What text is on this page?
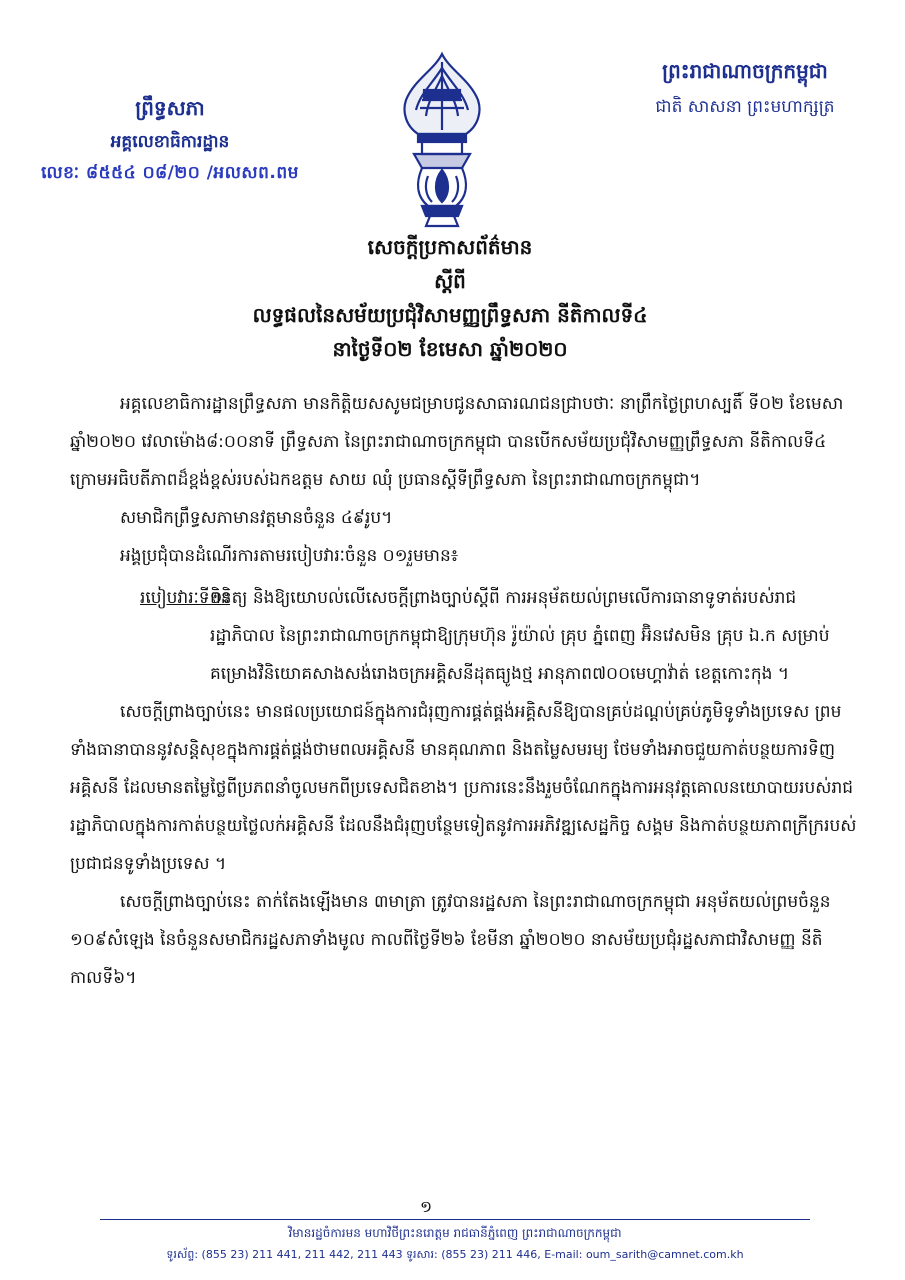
ព្រឹទ្ធសភា
អគ្គលេខាធិការដ្ឋាន
លេខៈ ៨៥៥៤ ០៨/២០ /អលសព.ពម
ព្រះរាជាណាចក្រកម្ពុជា
ជាតិ សាសនា ព្រះមហាក្សត្រ
សេចក្តីប្រកាសព័ត៌មាន
ស្តីពី
លទ្ធផលនៃសម័យប្រជុំវិសាមញ្ញព្រឹទ្ធសភា នីតិកាលទី៤
នាថ្ងៃទី០២ ខែមេសា ឆ្នាំ២០២០

អគ្គលេខាធិការដ្ឋានព្រឹទ្ធសភា មានកិត្តិយសសូមជម្រាបជូនសាធារណជនជ្រាបថាៈ នាព្រឹកថ្ងៃព្រហស្បតិ៍ ទី០២ ខែមេសា ឆ្នាំ២០២០ វេលាម៉ោង៨:០០នាទី ព្រឹទ្ធសភា នៃព្រះរាជាណាចក្រកម្ពុជា បានបើកសម័យប្រជុំវិសាមញ្ញព្រឹទ្ធសភា នីតិកាលទី៤ ក្រោមអធិបតីភាពដ៏ខ្ពង់ខ្ពស់របស់ឯកឧត្តម សាយ ឈុំ ប្រធានស្តីទីព្រឹទ្ធសភា នៃព្រះរាជាណាចក្រកម្ពុជា។

សមាជិកព្រឹទ្ធសភាមានវត្តមានចំនួន ៤៩រូប។

អង្គប្រជុំបានដំណើរការតាមរបៀបវារៈចំនួន ០១រួមមាន៖

របៀបវារៈទី១៖
ពិនិត្យ និងឱ្យយោបល់លើសេចក្តីព្រាងច្បាប់ស្តីពី ការអនុម័តយល់ព្រមលើការធានាទូទាត់របស់រាជរដ្ឋាភិបាល នៃព្រះរាជាណាចក្រកម្ពុជាឱ្យក្រុមហ៊ុន រ៉ូយ៉ាល់ គ្រុប ភ្នំពេញ អ៊ិនវេសមិន គ្រុប ឯ.ក សម្រាប់គម្រោងវិនិយោគសាងសង់រោងចក្រអគ្គិសនីដុតធ្យូងថ្ម អានុភាព៧០០មេហ្គាវ៉ាត់ ខេត្តកោះកុង ។

សេចក្តីព្រាងច្បាប់នេះ មានផលប្រយោជន៍ក្នុងការជំរុញការផ្គត់ផ្គង់អគ្គិសនីឱ្យបានគ្រប់ដណ្តប់គ្រប់ភូមិទូទាំងប្រទេស ព្រមទាំងធានាបាននូវសន្តិសុខក្នុងការផ្គត់ផ្គង់ថាមពលអគ្គិសនី មានគុណភាព និងតម្លៃសមរម្យ ថែមទាំងអាចជួយកាត់បន្ថយការទិញអគ្គិសនី ដែលមានតម្លៃថ្លៃពីប្រភពនាំចូលមកពីប្រទេសជិតខាង។ ប្រការនេះនឹងរួមចំណែកក្នុងការអនុវត្តគោលនយោបាយរបស់រាជរដ្ឋាភិបាលក្នុងការកាត់បន្ថយថ្លៃលក់អគ្គិសនី ដែលនឹងជំរុញបន្ថែមទៀតនូវការអភិវឌ្ឍសេដ្ឋកិច្ច សង្គម និងកាត់បន្ថយភាពក្រីក្ររបស់ប្រជាជនទូទាំងប្រទេស ។

សេចក្តីព្រាងច្បាប់នេះ តាក់តែងឡើងមាន ៣មាត្រា ត្រូវបានរដ្ឋសភា នៃព្រះរាជាណាចក្រកម្ពុជា អនុម័តយល់ព្រមចំនួន ១០៩សំឡេង នៃចំនួនសមាជិករដ្ឋសភាទាំងមូល កាលពីថ្ងៃទី២៦ ខែមីនា ឆ្នាំ២០២០ នាសម័យប្រជុំរដ្ឋសភាជាវិសាមញ្ញ នីតិកាលទី៦។

១
វិមានរដ្ឋចំការមន មហាវិថីព្រះនរោត្តម រាជធានីភ្នំពេញ ព្រះរាជាណាចក្រកម្ពុជា
ទូរស័ព្ទ: (855 23) 211 441, 211 442, 211 443 ទូរសារ: (855 23) 211 446, E-mail: oum_sarith@camnet.com.kh
